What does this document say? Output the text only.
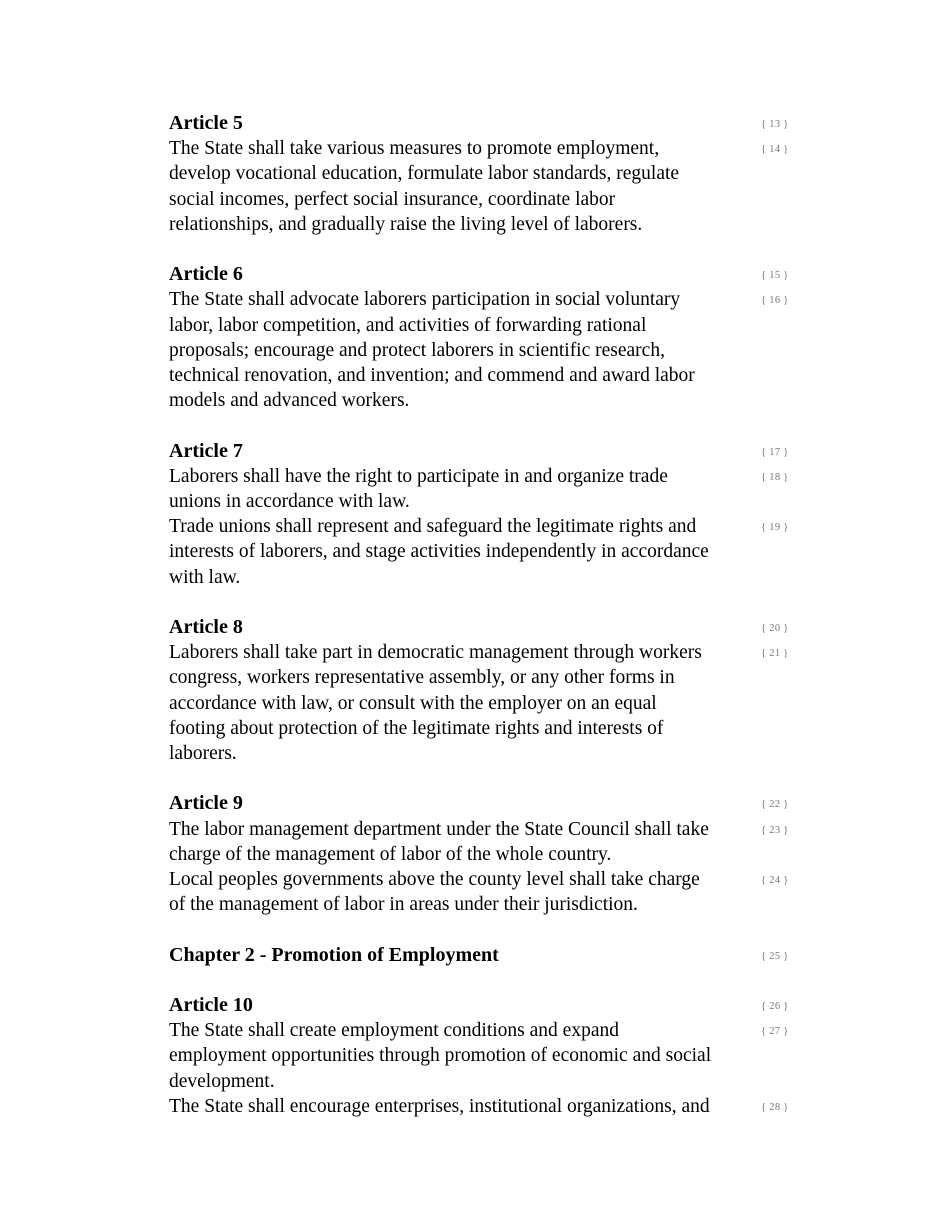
{ 13 }
Article 5
{ 14 }
The State shall take various measures to promote employment,
develop vocational education, formulate labor standards, regulate
social incomes, perfect social insurance, coordinate labor
relationships, and gradually raise the living level of laborers.
{ 15 }
Article 6
{ 16 }
The State shall advocate laborers participation in social voluntary
labor, labor competition, and activities of forwarding rational
proposals; encourage and protect laborers in scientific research,
technical renovation, and invention; and commend and award labor
models and advanced workers.
{ 17 }
Article 7
{ 18 }
Laborers shall have the right to participate in and organize trade
unions in accordance with law.
{ 19 }
Trade unions shall represent and safeguard the legitimate rights and
interests of laborers, and stage activities independently in accordance
with law.
{ 20 }
Article 8
{ 21 }
Laborers shall take part in democratic management through workers
congress, workers representative assembly, or any other forms in
accordance with law, or consult with the employer on an equal
footing about protection of the legitimate rights and interests of
laborers.
{ 22 }
Article 9
{ 23 }
The labor management department under the State Council shall take
charge of the management of labor of the whole country.
{ 24 }
Local peoples governments above the county level shall take charge
of the management of labor in areas under their jurisdiction.
{ 25 }
Chapter 2 - Promotion of Employment
{ 26 }
Article 10
{ 27 }
The State shall create employment conditions and expand
employment opportunities through promotion of economic and social
development.
{ 28 }
The State shall encourage enterprises, institutional organizations, and
